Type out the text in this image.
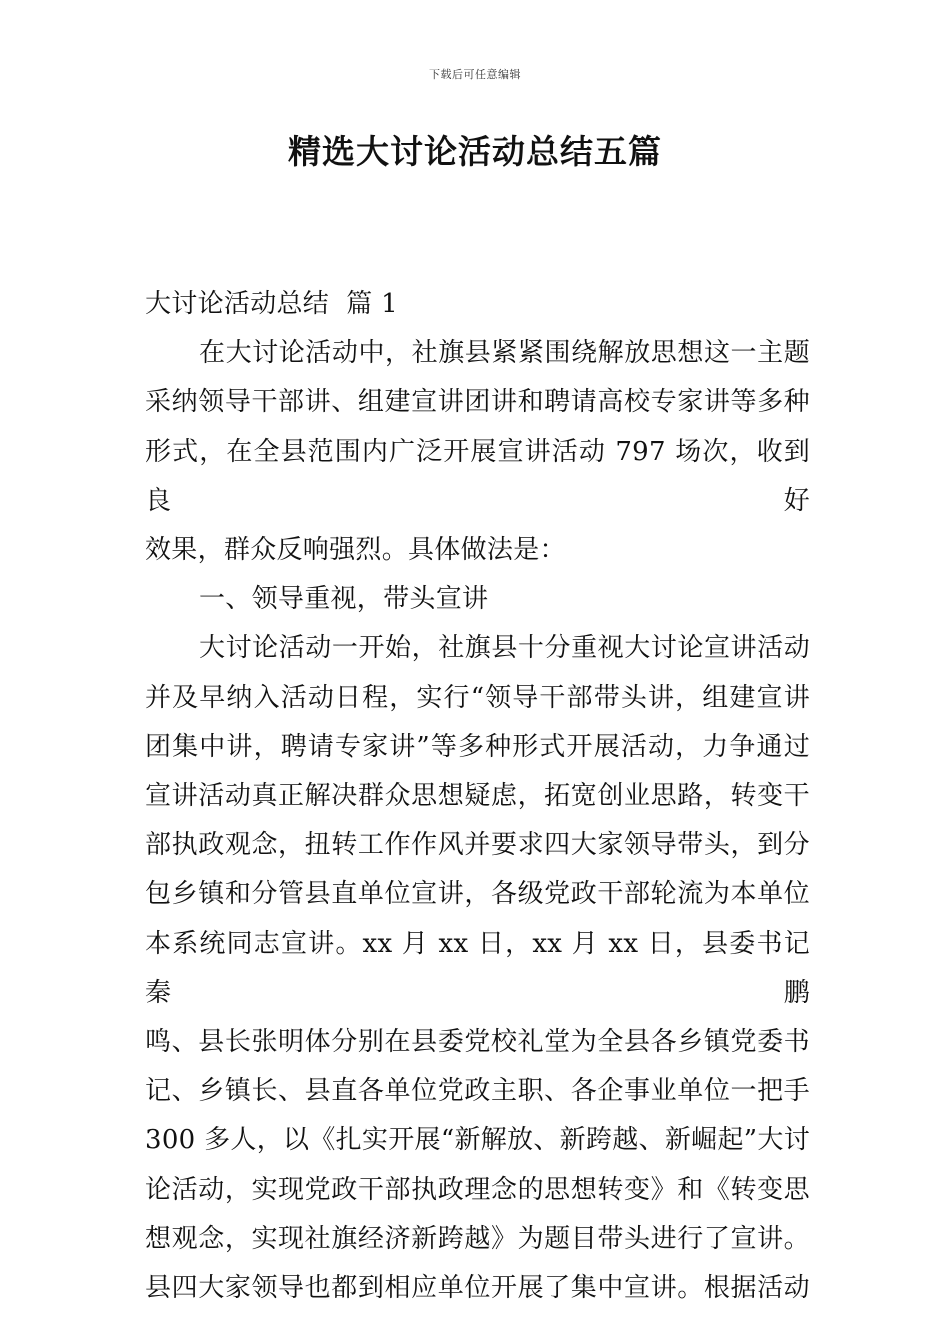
下载后可任意编辑
精选大讨论活动总结五篇

大讨论活动总结  篇 1

在大讨论活动中，社旗县紧紧围绕解放思想这一主题

采纳领导干部讲、组建宣讲团讲和聘请高校专家讲等多种

形式，在全县范围内广泛开展宣讲活动 797 场次，收到良好

效果，群众反响强烈。具体做法是：

一、领导重视，带头宣讲

大讨论活动一开始，社旗县十分重视大讨论宣讲活动

并及早纳入活动日程，实行“领导干部带头讲，组建宣讲

团集中讲，聘请专家讲”等多种形式开展活动，力争通过

宣讲活动真正解决群众思想疑虑，拓宽创业思路，转变干

部执政观念，扭转工作作风并要求四大家领导带头，到分

包乡镇和分管县直单位宣讲，各级党政干部轮流为本单位

本系统同志宣讲。xx 月 xx 日，xx 月 xx 日，县委书记秦鹏

鸣、县长张明体分别在县委党校礼堂为全县各乡镇党委书

记、乡镇长、县直各单位党政主职、各企事业单位一把手

300 多人，以《扎实开展“新解放、新跨越、新崛起”大讨

论活动，实现党政干部执政理念的思想转变》和《转变思

想观念，实现社旗经济新跨越》为题目带头进行了宣讲。

县四大家领导也都到相应单位开展了集中宣讲。根据活动
